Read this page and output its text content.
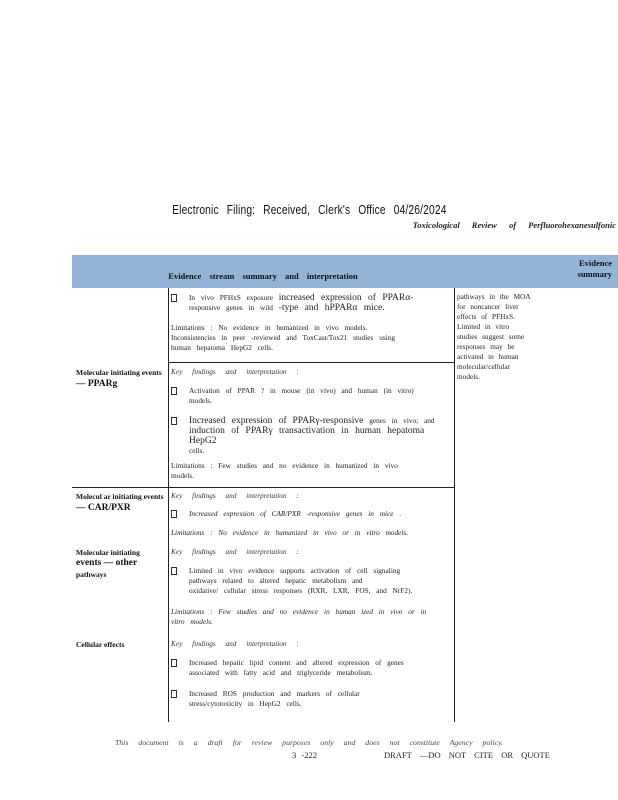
Electronic Filing: Received, Clerk's Office 04/26/2024
Toxicological Review of Perfluorohexanesulfonic
Evidence stream summary and interpretation
Evidence
summary
pathways in the MOA
for noncancer liver
effects of PFHxS.
Limited in vitro
studies suggest some
responses may be
activated in human
molecular/cellular
models.
In vivo PFHxS exposure increased expression of PPARα-
responsive genes in wild -type and hPPARα mice.
Limitations : No evidence in humanized in vivo models.
Inconsistencies in peer -reviewed and ToxCast/Tox21 studies using
human hepatoma HepG2 cells.
Molecular initiating events — PPARg
Key findings and interpretation :
Activation of PPAR ? in mouse (in vivo) and human (in vitro)
models.
Increased expression of PPARγ-responsive genes in vivo; and
induction of PPARγ transactivation in human hepatoma HepG2
cells.
Limitations : Few studies and no evidence in humanized in vivo
models.
Molecul ar initiating events — CAR/PXR
Key findings and interpretation :
Increased expression of CAR/PXR -responsive genes in mice .
Limitations : No evidence in humanized in vivo or in vitro models.
Molecular initiating
events — other
pathways
Key findings and interpretation :
Limited in vivo evidence supports activation of cell signaling
pathways related to altered hepatic metabolism and
oxidative/ cellular stress responses (RXR, LXR, FOS, and NrF2).
Limitations : Few studies and no evidence in human ized in vivo or in
vitro models.
Cellular effects	Key findings and interpretation :
Increased hepatic lipid content and altered expression of genes
associated with fatty acid and triglyceride metabolism.
Increased ROS production and markers of cellular
stress/cytotoxicity in HepG2 cells.
This document is a draft for review purposes only and does not constitute Agency policy.
3 -222	DRAFT —DO NOT CITE OR QUOTE
